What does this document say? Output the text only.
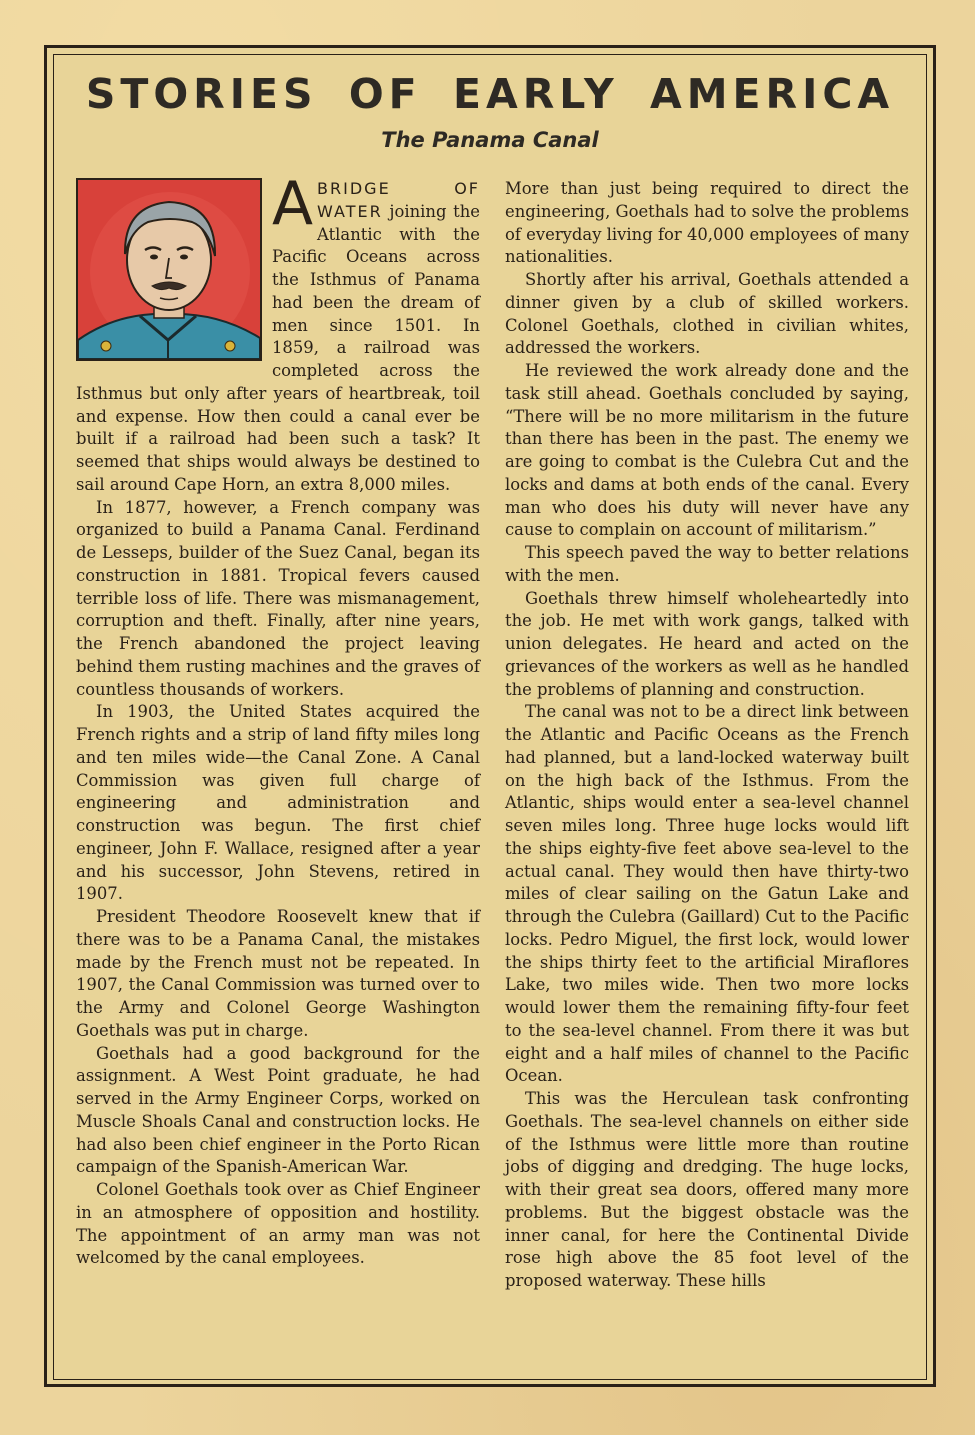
STORIES OF EARLY AMERICA
The Panama Canal

ABRIDGE OF WATER joining the Atlantic with the Pacific Oceans across the Isthmus of Panama had been the dream of men since 1501. In 1859, a railroad was completed across the Isthmus but only after years of heartbreak, toil and expense. How then could a canal ever be built if a railroad had been such a task? It seemed that ships would always be destined to sail around Cape Horn, an extra 8,000 miles.

In 1877, however, a French company was organized to build a Panama Canal. Ferdinand de Lesseps, builder of the Suez Canal, began its construction in 1881. Tropical fevers caused terrible loss of life. There was mismanagement, corruption and theft. Finally, after nine years, the French abandoned the project leaving behind them rusting machines and the graves of countless thousands of workers.

In 1903, the United States acquired the French rights and a strip of land fifty miles long and ten miles wide—the Canal Zone. A Canal Commission was given full charge of engineering and administration and construction was begun. The first chief engineer, John F. Wallace, resigned after a year and his successor, John Stevens, retired in 1907.

President Theodore Roosevelt knew that if there was to be a Panama Canal, the mistakes made by the French must not be repeated. In 1907, the Canal Commission was turned over to the Army and Colonel George Washington Goethals was put in charge.

Goethals had a good background for the assignment. A West Point graduate, he had served in the Army Engineer Corps, worked on Muscle Shoals Canal and construction locks. He had also been chief engineer in the Porto Rican campaign of the Spanish-American War.

Colonel Goethals took over as Chief Engineer in an atmosphere of opposition and hostility. The appointment of an army man was not welcomed by the canal employees.

More than just being required to direct the engineering, Goethals had to solve the problems of everyday living for 40,000 employees of many nationalities.

Shortly after his arrival, Goethals attended a dinner given by a club of skilled workers. Colonel Goethals, clothed in civilian whites, addressed the workers.

He reviewed the work already done and the task still ahead. Goethals concluded by saying, “There will be no more militarism in the future than there has been in the past. The enemy we are going to combat is the Culebra Cut and the locks and dams at both ends of the canal. Every man who does his duty will never have any cause to complain on account of militarism.”

This speech paved the way to better relations with the men.

Goethals threw himself wholeheartedly into the job. He met with work gangs, talked with union delegates. He heard and acted on the grievances of the workers as well as he handled the problems of planning and construction.

The canal was not to be a direct link between the Atlantic and Pacific Oceans as the French had planned, but a land-locked waterway built on the high back of the Isthmus. From the Atlantic, ships would enter a sea-level channel seven miles long. Three huge locks would lift the ships eighty-five feet above sea-level to the actual canal. They would then have thirty-two miles of clear sailing on the Gatun Lake and through the Culebra (Gaillard) Cut to the Pacific locks. Pedro Miguel, the first lock, would lower the ships thirty feet to the artificial Miraflores Lake, two miles wide. Then two more locks would lower them the remaining fifty-four feet to the sea-level channel. From there it was but eight and a half miles of channel to the Pacific Ocean.

This was the Herculean task confronting Goethals. The sea-level channels on either side of the Isthmus were little more than routine jobs of digging and dredging. The huge locks, with their great sea doors, offered many more problems. But the biggest obstacle was the inner canal, for here the Continental Divide rose high above the 85 foot level of the proposed waterway. These hills
